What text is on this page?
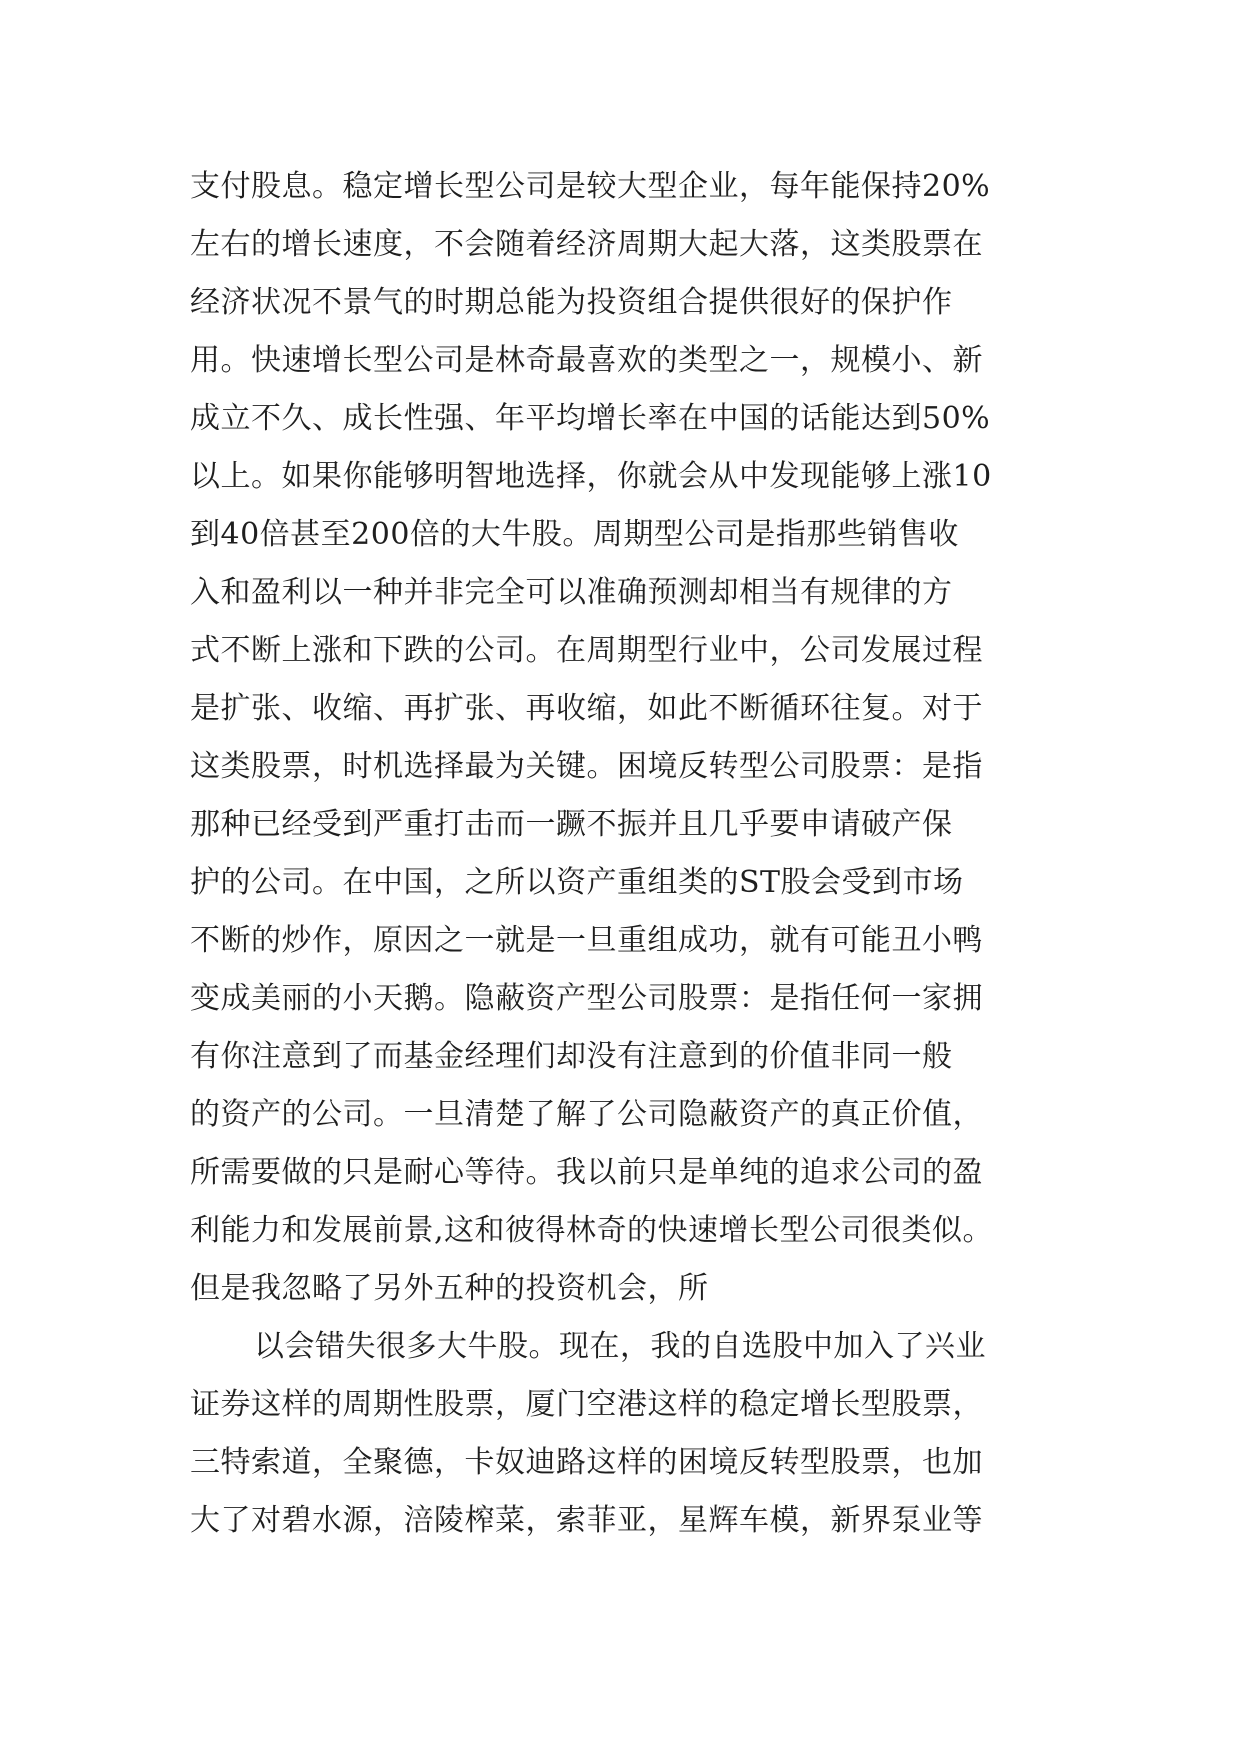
支付股息。稳定增长型公司是较大型企业，每年能保持20%
左右的增长速度，不会随着经济周期大起大落，这类股票在
经济状况不景气的时期总能为投资组合提供很好的保护作
用。快速增长型公司是林奇最喜欢的类型之一，规模小、新
成立不久、成长性强、年平均增长率在中国的话能达到50%
以上。如果你能够明智地选择，你就会从中发现能够上涨10
到40倍甚至200倍的大牛股。周期型公司是指那些销售收
入和盈利以一种并非完全可以准确预测却相当有规律的方
式不断上涨和下跌的公司。在周期型行业中，公司发展过程
是扩张、收缩、再扩张、再收缩，如此不断循环往复。对于
这类股票，时机选择最为关键。困境反转型公司股票：是指
那种已经受到严重打击而一蹶不振并且几乎要申请破产保
护的公司。在中国，之所以资产重组类的ST股会受到市场
不断的炒作，原因之一就是一旦重组成功，就有可能丑小鸭
变成美丽的小天鹅。隐蔽资产型公司股票：是指任何一家拥
有你注意到了而基金经理们却没有注意到的价值非同一般
的资产的公司。一旦清楚了解了公司隐蔽资产的真正价值，
所需要做的只是耐心等待。我以前只是单纯的追求公司的盈
利能力和发展前景,这和彼得林奇的快速增长型公司很类似。
但是我忽略了另外五种的投资机会，所
以会错失很多大牛股。现在，我的自选股中加入了兴业
证券这样的周期性股票，厦门空港这样的稳定增长型股票，
三特索道，全聚德，卡奴迪路这样的困境反转型股票，也加
大了对碧水源，涪陵榨菜，索菲亚，星辉车模，新界泵业等
